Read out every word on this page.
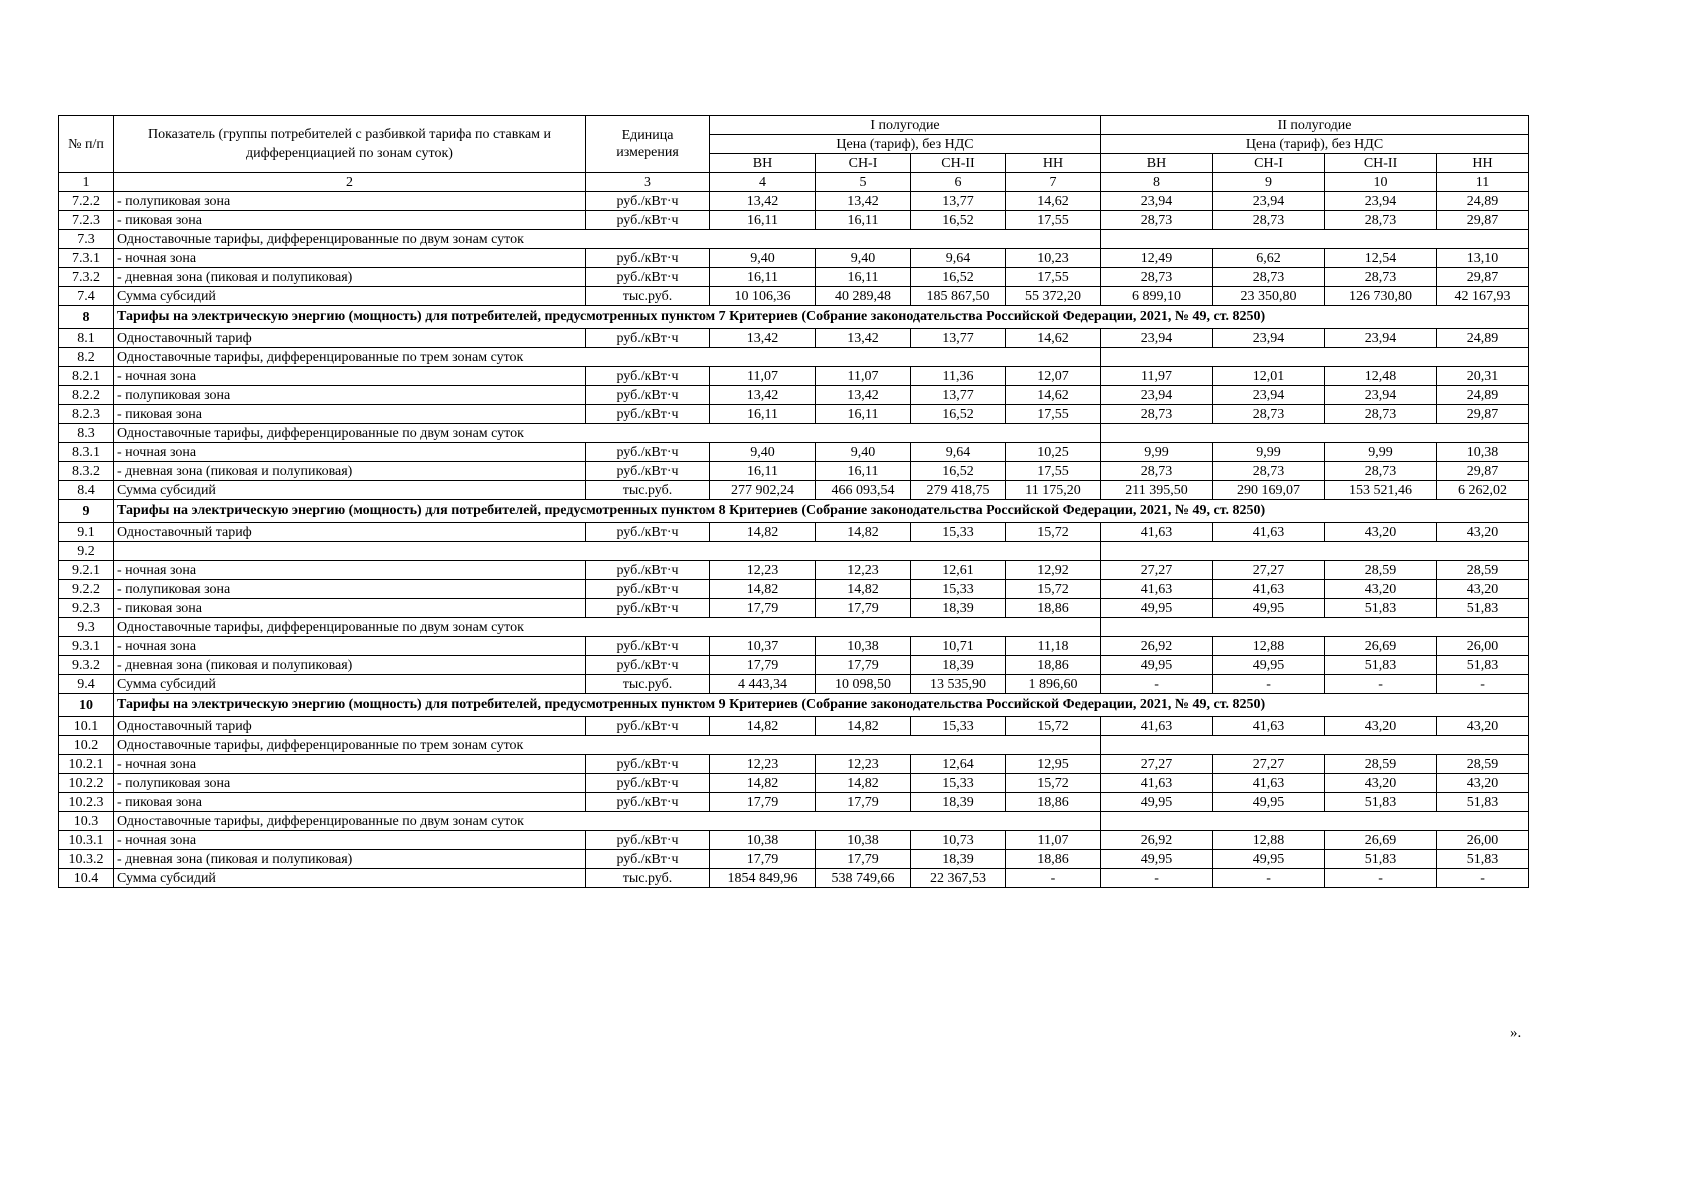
№ п/п	Показатель (группы потребителей с разбивкой тарифа по ставкам и дифференциацией по зонам суток)	Единица измерения	I полугодие				II полугодие			
			Цена (тариф), без НДС				Цена (тариф), без НДС			
			ВН	СН-I	СН-II	НН	ВН	СН-I	СН-II	НН
1	2	3	4	5	6	7	8	9	10	11
7.2.2	- полупиковая зона	руб./кВт·ч	13,42	13,42	13,77	14,62	23,94	23,94	23,94	24,89
7.2.3	- пиковая зона	руб./кВт·ч	16,11	16,11	16,52	17,55	28,73	28,73	28,73	29,87
7.3	Одноставочные тарифы, дифференцированные по двум зонам суток									
7.3.1	- ночная зона	руб./кВт·ч	9,40	9,40	9,64	10,23	12,49	6,62	12,54	13,10
7.3.2	- дневная зона (пиковая и полупиковая)	руб./кВт·ч	16,11	16,11	16,52	17,55	28,73	28,73	28,73	29,87
7.4	Сумма субсидий	тыс.руб.	10 106,36	40 289,48	185 867,50	55 372,20	6 899,10	23 350,80	126 730,80	42 167,93
8	Тарифы на электрическую энергию (мощность) для потребителей, предусмотренных пунктом 7 Критериев (Собрание законодательства Российской Федерации, 2021, № 49, ст. 8250)									
8.1	Одноставочный тариф	руб./кВт·ч	13,42	13,42	13,77	14,62	23,94	23,94	23,94	24,89
8.2	Одноставочные тарифы, дифференцированные по трем зонам суток									
8.2.1	- ночная зона	руб./кВт·ч	11,07	11,07	11,36	12,07	11,97	12,01	12,48	20,31
8.2.2	- полупиковая зона	руб./кВт·ч	13,42	13,42	13,77	14,62	23,94	23,94	23,94	24,89
8.2.3	- пиковая зона	руб./кВт·ч	16,11	16,11	16,52	17,55	28,73	28,73	28,73	29,87
8.3	Одноставочные тарифы, дифференцированные по двум зонам суток									
8.3.1	- ночная зона	руб./кВт·ч	9,40	9,40	9,64	10,25	9,99	9,99	9,99	10,38
8.3.2	- дневная зона (пиковая и полупиковая)	руб./кВт·ч	16,11	16,11	16,52	17,55	28,73	28,73	28,73	29,87
8.4	Сумма субсидий	тыс.руб.	277 902,24	466 093,54	279 418,75	11 175,20	211 395,50	290 169,07	153 521,46	6 262,02
9	Тарифы на электрическую энергию (мощность) для потребителей, предусмотренных пунктом 8 Критериев (Собрание законодательства Российской Федерации, 2021, № 49, ст. 8250)									
9.1	Одноставочный тариф	руб./кВт·ч	14,82	14,82	15,33	15,72	41,63	41,63	43,20	43,20
9.2										
9.2.1	- ночная зона	руб./кВт·ч	12,23	12,23	12,61	12,92	27,27	27,27	28,59	28,59
9.2.2	- полупиковая зона	руб./кВт·ч	14,82	14,82	15,33	15,72	41,63	41,63	43,20	43,20
9.2.3	- пиковая зона	руб./кВт·ч	17,79	17,79	18,39	18,86	49,95	49,95	51,83	51,83
9.3	Одноставочные тарифы, дифференцированные по двум зонам суток									
9.3.1	- ночная зона	руб./кВт·ч	10,37	10,38	10,71	11,18	26,92	12,88	26,69	26,00
9.3.2	- дневная зона (пиковая и полупиковая)	руб./кВт·ч	17,79	17,79	18,39	18,86	49,95	49,95	51,83	51,83
9.4	Сумма субсидий	тыс.руб.	4 443,34	10 098,50	13 535,90	1 896,60	-	-	-	-
10	Тарифы на электрическую энергию (мощность) для потребителей, предусмотренных пунктом 9 Критериев (Собрание законодательства Российской Федерации, 2021, № 49, ст. 8250)									
10.1	Одноставочный тариф	руб./кВт·ч	14,82	14,82	15,33	15,72	41,63	41,63	43,20	43,20
10.2	Одноставочные тарифы, дифференцированные по трем зонам суток									
10.2.1	- ночная зона	руб./кВт·ч	12,23	12,23	12,64	12,95	27,27	27,27	28,59	28,59
10.2.2	- полупиковая зона	руб./кВт·ч	14,82	14,82	15,33	15,72	41,63	41,63	43,20	43,20
10.2.3	- пиковая зона	руб./кВт·ч	17,79	17,79	18,39	18,86	49,95	49,95	51,83	51,83
10.3	Одноставочные тарифы, дифференцированные по двум зонам суток									
10.3.1	- ночная зона	руб./кВт·ч	10,38	10,38	10,73	11,07	26,92	12,88	26,69	26,00
10.3.2	- дневная зона (пиковая и полупиковая)	руб./кВт·ч	17,79	17,79	18,39	18,86	49,95	49,95	51,83	51,83
10.4	Сумма субсидий	тыс.руб.	1854 849,96	538 749,66	22 367,53	-	-	-	-	-
».
